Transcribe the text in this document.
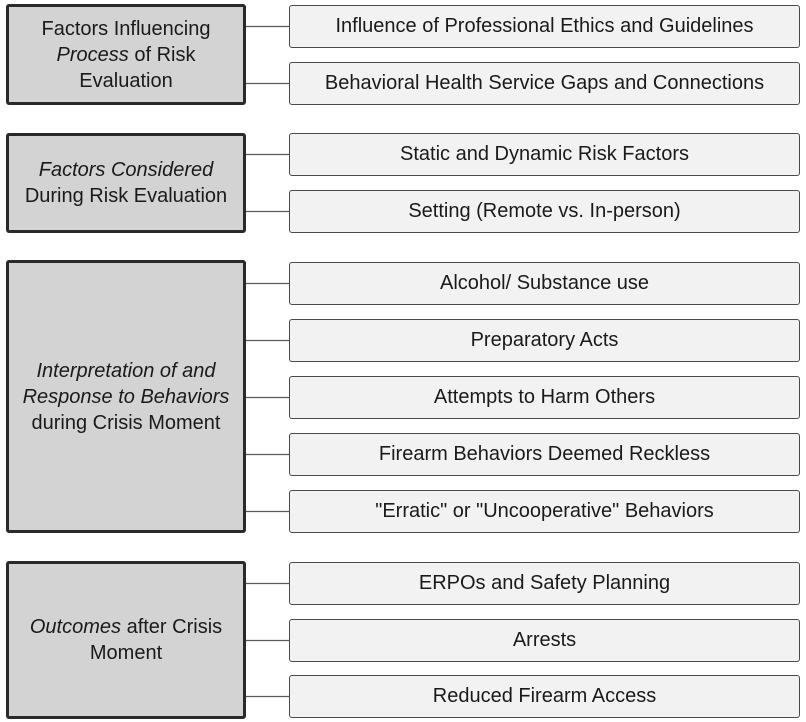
Factors Influencing Process of Risk Evaluation
Influence of Professional Ethics and Guidelines
Behavioral Health Service Gaps and Connections
Factors Considered During Risk Evaluation
Static and Dynamic Risk Factors
Setting (Remote vs. In-person)
Interpretation of and Response to Behaviors during Crisis Moment
Alcohol/ Substance use
Preparatory Acts
Attempts to Harm Others
Firearm Behaviors Deemed Reckless
"Erratic" or "Uncooperative" Behaviors
Outcomes after Crisis Moment
ERPOs and Safety Planning
Arrests
Reduced Firearm Access
